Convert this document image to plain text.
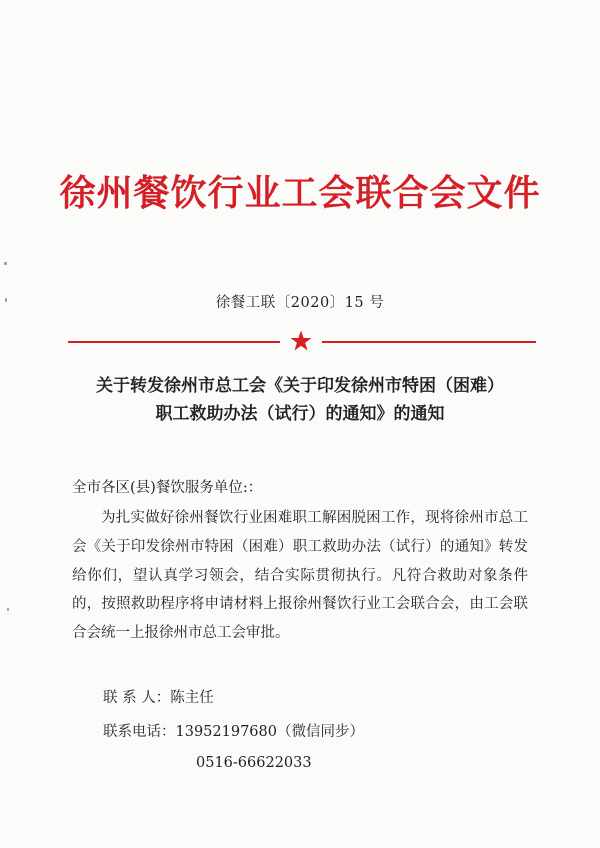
徐州餐饮行业工会联合会文件
徐餐工联〔2020〕15 号
关于转发徐州市总工会《关于印发徐州市特困（困难）
职工救助办法（试行）的通知》的通知
全市各区(县)餐饮服务单位:：

为扎实做好徐州餐饮行业困难职工解困脱困工作，现将徐州市总工会《关于印发徐州市特困（困难）职工救助办法（试行）的通知》转发给你们，望认真学习领会，结合实际贯彻执行。凡符合救助对象条件的，按照救助程序将申请材料上报徐州餐饮行业工会联合会，由工会联合会统一上报徐州市总工会审批。

联 系 人：陈主任
联系电话：13952197680（微信同步）
0516-66622033
